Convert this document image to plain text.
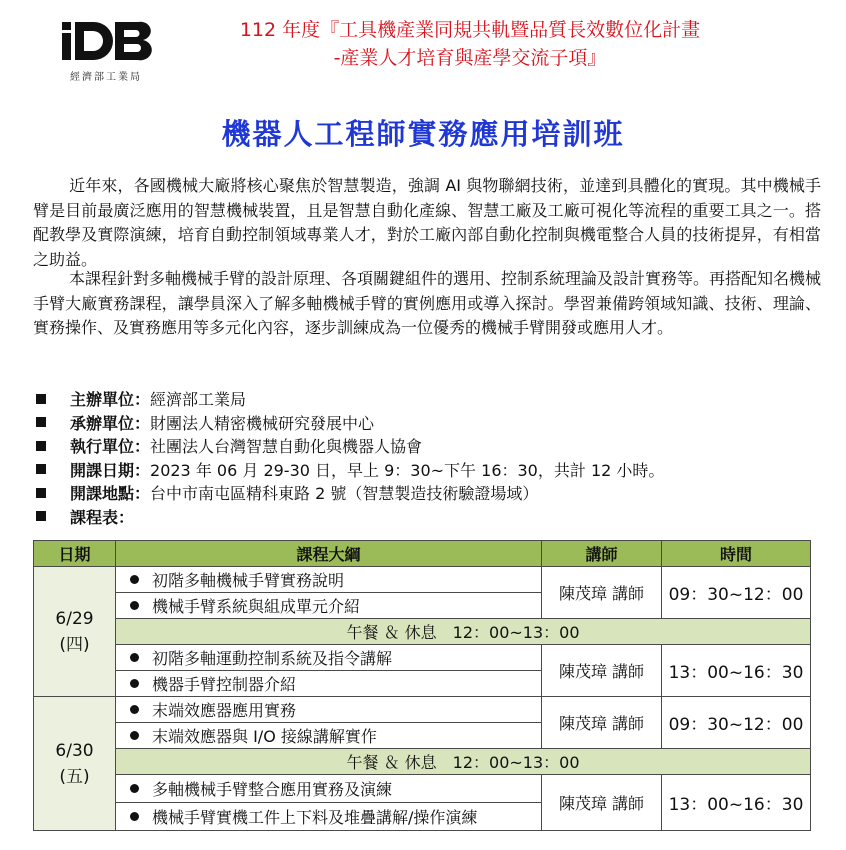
經濟部工業局
112 年度『工具機產業同規共軌暨品質長效數位化計畫
-產業人才培育與產學交流子項』
機器人工程師實務應用培訓班

近年來，各國機械大廠將核心聚焦於智慧製造，強調 AI 與物聯網技術，並達到具體化的實現。其中機械手臂是目前最廣泛應用的智慧機械裝置，且是智慧自動化產線、智慧工廠及工廠可視化等流程的重要工具之一。搭配教學及實際演練，培育自動控制領域專業人才，對於工廠內部自動化控制與機電整合人員的技術提昇，有相當之助益。

本課程針對多軸機械手臂的設計原理、各項關鍵組件的選用、控制系統理論及設計實務等。再搭配知名機械手臂大廠實務課程，讓學員深入了解多軸機械手臂的實例應用或導入探討。學習兼備跨領域知識、技術、理論、實務操作、及實務應用等多元化內容，逐步訓練成為一位優秀的機械手臂開發或應用人才。

主辦單位： 經濟部工業局
承辦單位： 財團法人精密機械研究發展中心
執行單位： 社團法人台灣智慧自動化與機器人協會
開課日期： 2023 年 06 月 29-30 日，早上 9：30~下午 16：30，共計 12 小時。
開課地點： 台中市南屯區精科東路 2 號（智慧製造技術驗證場域）
課程表：
日期	課程大綱	講師	時間

6/29
(四)	初階多軸機械手臂實務說明	陳茂璋 講師	09：30~12：00
	機械手臂系統與組成單元介紹		
	午餐 ＆ 休息　12：00~13：00		
	初階多軸運動控制系統及指令講解	陳茂璋 講師	13：00~16：30
	機器手臂控制器介紹		

6/30
(五)	末端效應器應用實務	陳茂璋 講師	09：30~12：00
	末端效應器與 I/O 接線講解實作		
	午餐 ＆ 休息　12：00~13：00		
	多軸機械手臂整合應用實務及演練	陳茂璋 講師	13：00~16：30
	機械手臂實機工件上下料及堆疊講解/操作演練		
